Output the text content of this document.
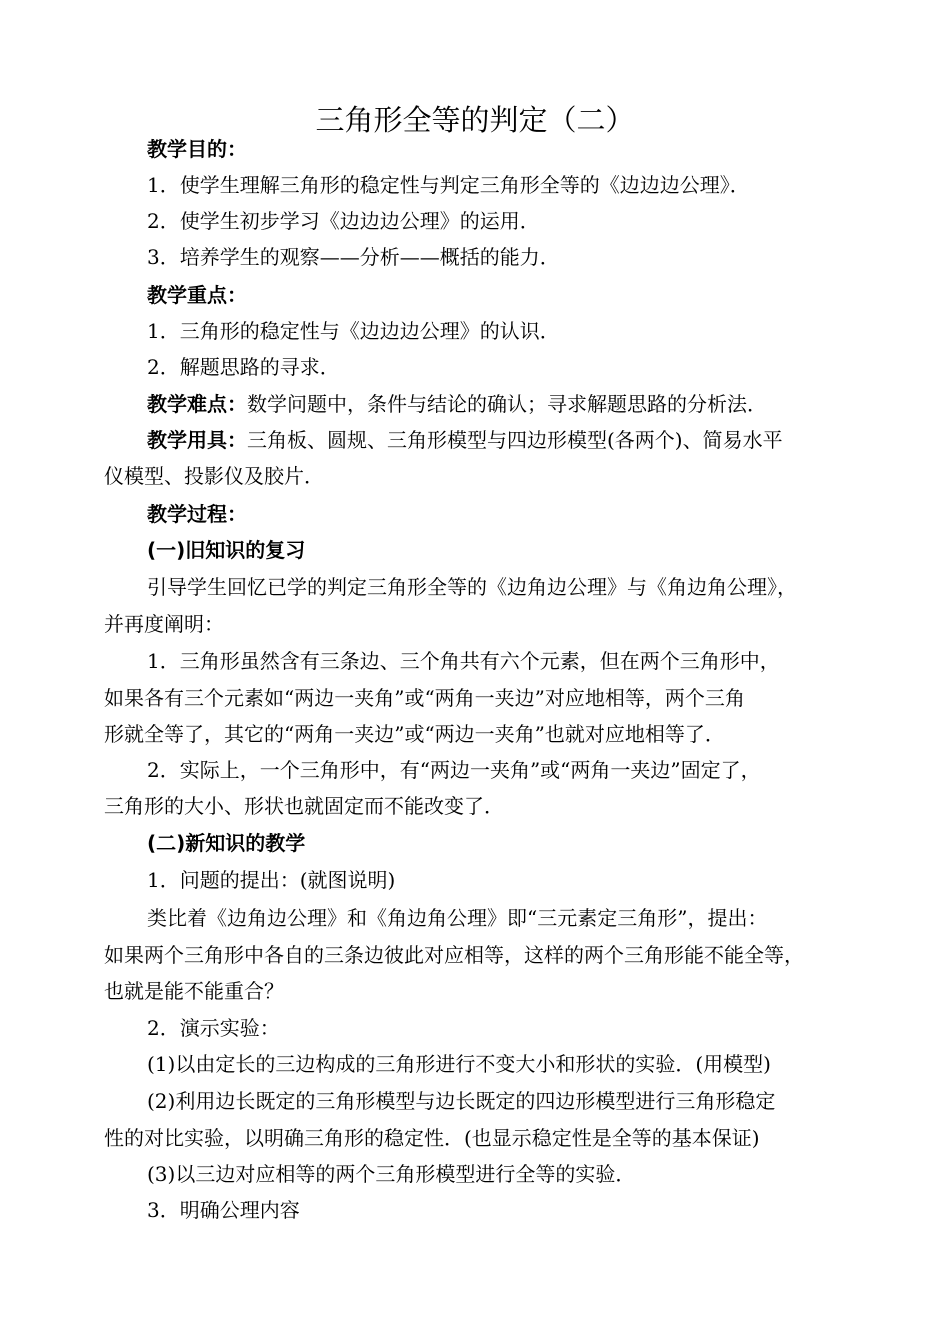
三角形全等的判定（二）
教学目的：
1．使学生理解三角形的稳定性与判定三角形全等的《边边边公理》．
2．使学生初步学习《边边边公理》的运用．
3．培养学生的观察——分析——概括的能力．
教学重点：
1．三角形的稳定性与《边边边公理》的认识．
2．解题思路的寻求．
教学难点：数学问题中，条件与结论的确认；寻求解题思路的分析法．
教学用具：三角板、圆规、三角形模型与四边形模型(各两个)、简易水平
仪模型、投影仪及胶片．
教学过程：
(一)旧知识的复习
引导学生回忆已学的判定三角形全等的《边角边公理》与《角边角公理》，
并再度阐明：
1．三角形虽然含有三条边、三个角共有六个元素，但在两个三角形中，
如果各有三个元素如“两边一夹角”或“两角一夹边”对应地相等，两个三角
形就全等了，其它的“两角一夹边”或“两边一夹角”也就对应地相等了．
2．实际上，一个三角形中，有“两边一夹角”或“两角一夹边”固定了，
三角形的大小、形状也就固定而不能改变了．
(二)新知识的教学
1．问题的提出：(就图说明)
类比着《边角边公理》和《角边角公理》即“三元素定三角形”，提出：
如果两个三角形中各自的三条边彼此对应相等，这样的两个三角形能不能全等，
也就是能不能重合？
2．演示实验：
(1)以由定长的三边构成的三角形进行不变大小和形状的实验．(用模型)
(2)利用边长既定的三角形模型与边长既定的四边形模型进行三角形稳定
性的对比实验，以明确三角形的稳定性．(也显示稳定性是全等的基本保证)
(3)以三边对应相等的两个三角形模型进行全等的实验．
3．明确公理内容
